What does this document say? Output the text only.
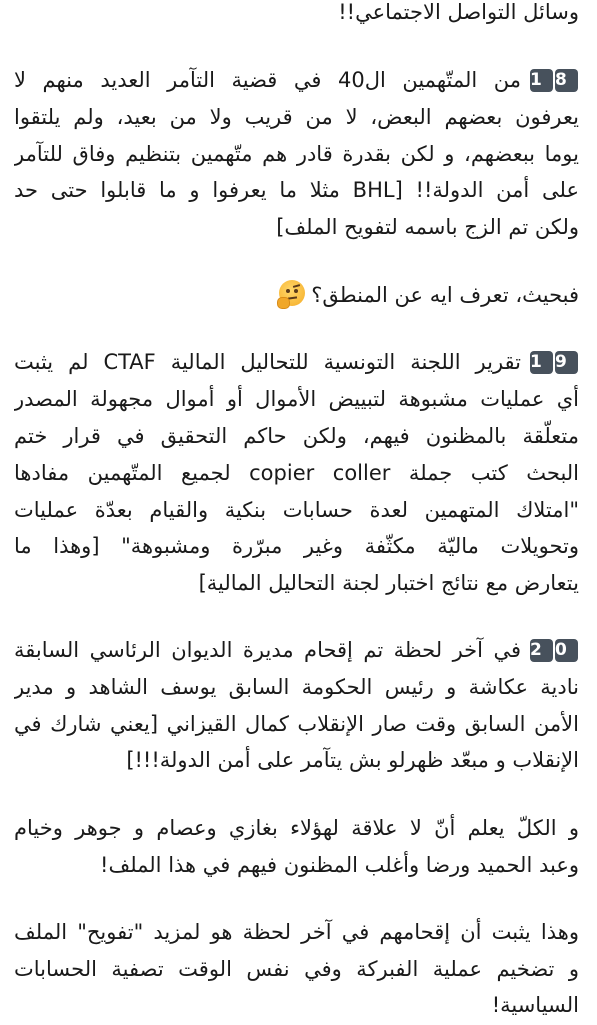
وسائل التواصل الاجتماعي!!
1 8من المتّهمين ال40 في قضية التآمر العديد منهم لا
يعرفون بعضهم البعض، لا من قريب ولا من بعيد، ولم يلتقوا
يوما ببعضهم، و لكن بقدرة قادر هم متّهمين بتنظيم وفاق للتآمر
على أمن الدولة!! [BHL مثلا ما يعرفوا و ما قابلوا حتى حد
ولكن تم الزج باسمه لتفويح الملف]
فبحيث، تعرف ايه عن المنطق؟
1 9تقرير اللجنة التونسية للتحاليل المالية CTAF لم يثبت
أي عمليات مشبوهة لتبييض الأموال أو أموال مجهولة المصدر
متعلّقة بالمظنون فيهم، ولكن حاكم التحقيق في قرار ختم
البحث كتب جملة copier coller لجميع المتّهمين مفادها
"امتلاك المتهمين لعدة حسابات بنكية والقيام بعدّة عمليات
وتحويلات ماليّة مكثّفة وغير مبرّرة ومشبوهة" [وهذا ما
يتعارض مع نتائج اختبار لجنة التحاليل المالية]
2 0في آخر لحظة تم إقحام مديرة الديوان الرئاسي السابقة
نادية عكاشة و رئيس الحكومة السابق يوسف الشاهد و مدير
الأمن السابق وقت صار الإنقلاب كمال القيزاني [يعني شارك في
الإنقلاب و مبعّد ظهرلو بش يتآمر على أمن الدولة!!!]
و الكلّ يعلم أنّ لا علاقة لهؤلاء بغازي وعصام و جوهر وخيام
وعبد الحميد ورضا وأغلب المظنون فيهم في هذا الملف!
وهذا يثبت أن إقحامهم في آخر لحظة هو لمزيد "تفويح" الملف
و تضخيم عملية الفبركة وفي نفس الوقت تصفية الحسابات
السياسية!
